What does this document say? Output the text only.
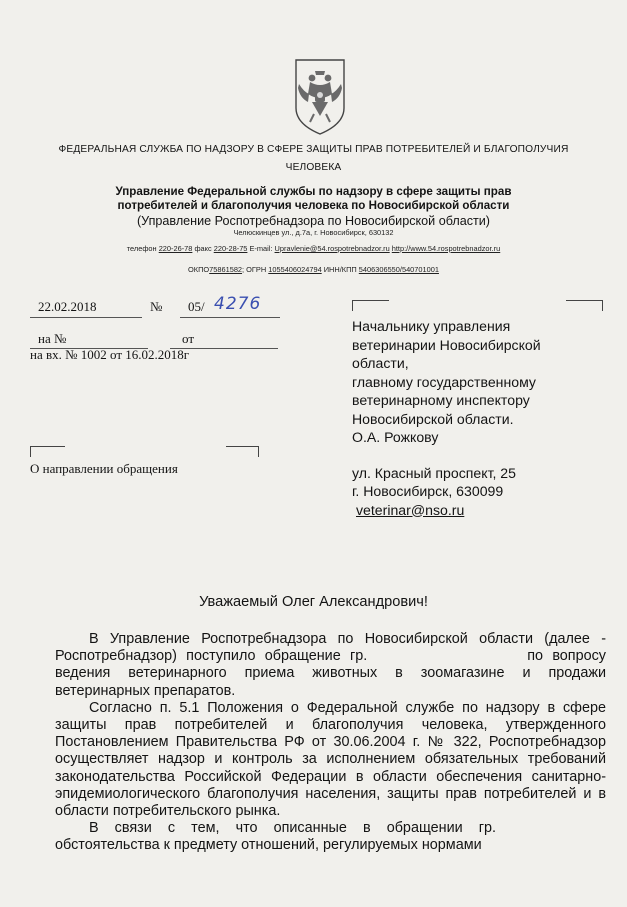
ФЕДЕРАЛЬНАЯ СЛУЖБА ПО НАДЗОРУ В СФЕРЕ ЗАЩИТЫ ПРАВ ПОТРЕБИТЕЛЕЙ И БЛАГОПОЛУЧИЯ
ЧЕЛОВЕКА
Управление Федеральной службы по надзору в сфере защиты прав
потребителей и благополучия человека по Новосибирской области
(Управление Роспотребнадзора по Новосибирской области)
Челюскинцев ул., д.7а, г. Новосибирск, 630132
телефон 220-26-78 факс 220-28-75 E-mail: Upravlenie@54.rospotrebnadzor.ru http://www.54.rospotrebnadzor.ru
ОКПО75861582; ОГРН 1055406024794 ИНН/КПП 5406306550/540701001
22.02.2018	№ 05/ 4276
на №	от
на вх. № 1002 от 16.02.2018г
О направлении обращения
Начальнику управления
ветеринарии Новосибирской
области,
главному государственному
ветеринарному инспектору
Новосибирской области.
О.А. Рожкову
ул. Красный проспект, 25
г. Новосибирск, 630099
veterinar@nso.ru
Уважаемый Олег Александрович!

В Управление Роспотребнадзора по Новосибирской области (далее - Роспотребнадзор) поступило обращение гр.	по вопросу ведения ветеринарного приема животных в зоомагазине и продажи ветеринарных препаратов.

Согласно п. 5.1 Положения о Федеральной службе по надзору в сфере защиты прав потребителей и благополучия человека, утвержденного Постановлением Правительства РФ от 30.06.2004 г. № 322, Роспотребнадзор осуществляет надзор и контроль за исполнением обязательных требований законодательства Российской Федерации в области обеспечения санитарно-эпидемиологического благополучия населения, защиты прав потребителей и в области потребительского рынка.

В связи с тем, что описанные в обращении гр. обстоятельства к предмету отношений, регулируемых нормами
